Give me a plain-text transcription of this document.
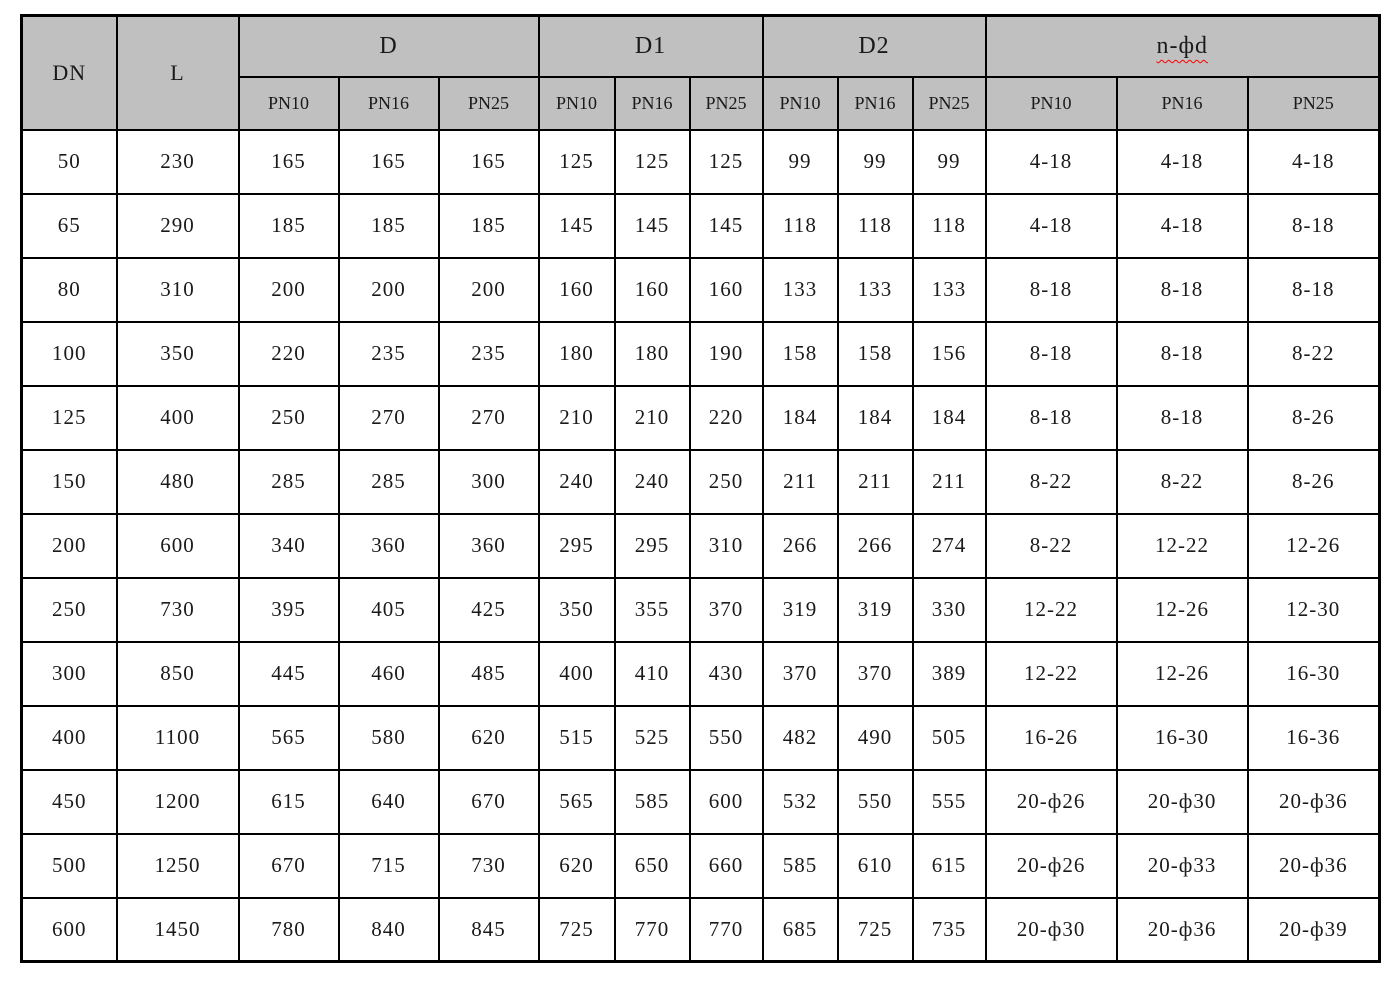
DN	L	D			D1			D2			n-фd		
		PN10	PN16	PN25	PN10	PN16	PN25	PN10	PN16	PN25	PN10	PN16	PN25
50	230	165	165	165	125	125	125	99	99	99	4-18	4-18	4-18
65	290	185	185	185	145	145	145	118	118	118	4-18	4-18	8-18
80	310	200	200	200	160	160	160	133	133	133	8-18	8-18	8-18
100	350	220	235	235	180	180	190	158	158	156	8-18	8-18	8-22
125	400	250	270	270	210	210	220	184	184	184	8-18	8-18	8-26
150	480	285	285	300	240	240	250	211	211	211	8-22	8-22	8-26
200	600	340	360	360	295	295	310	266	266	274	8-22	12-22	12-26
250	730	395	405	425	350	355	370	319	319	330	12-22	12-26	12-30
300	850	445	460	485	400	410	430	370	370	389	12-22	12-26	16-30
400	1100	565	580	620	515	525	550	482	490	505	16-26	16-30	16-36
450	1200	615	640	670	565	585	600	532	550	555	20-ф26	20-ф30	20-ф36
500	1250	670	715	730	620	650	660	585	610	615	20-ф26	20-ф33	20-ф36
600	1450	780	840	845	725	770	770	685	725	735	20-ф30	20-ф36	20-ф39
